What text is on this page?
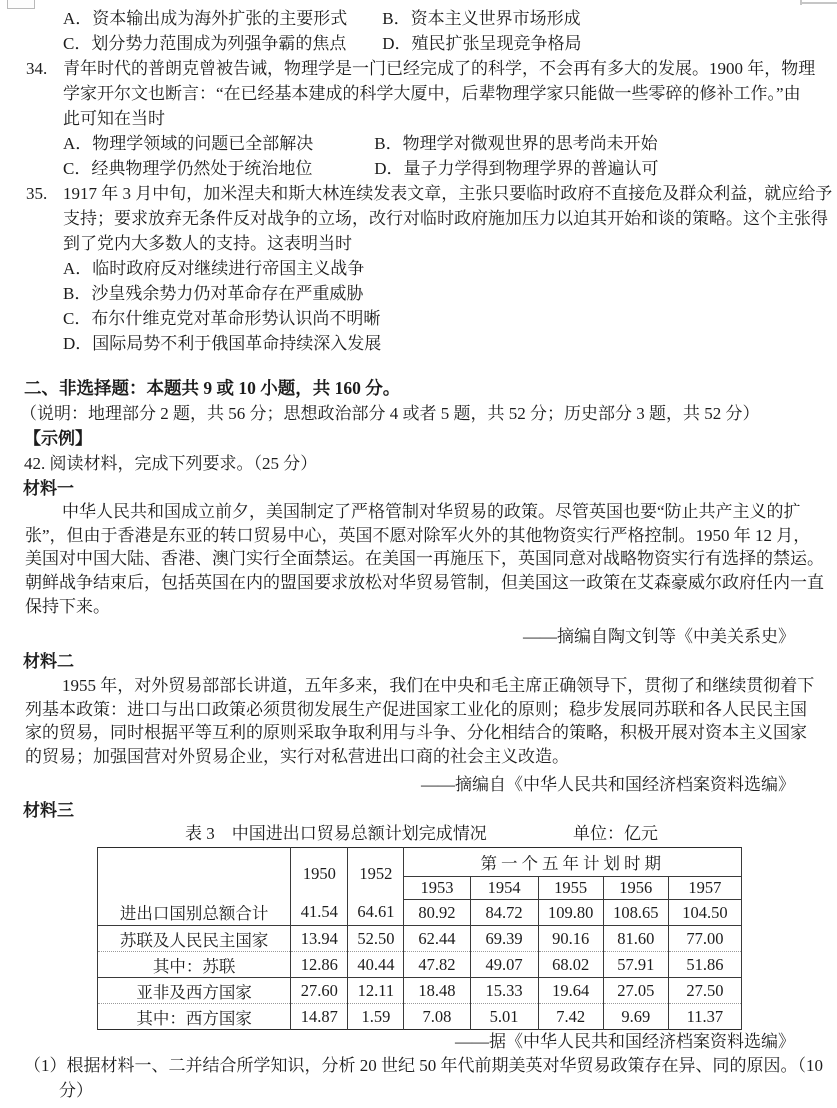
A．资本输出成为海外扩张的主要形式 B．资本主义世界市场形成
C．划分势力范围成为列强争霸的焦点 D．殖民扩张呈现竞争格局
34. 青年时代的普朗克曾被告诫，物理学是一门已经完成了的科学，不会再有多大的发展。1900 年，物理
学家开尔文也断言：“在已经基本建成的科学大厦中，后辈物理学家只能做一些零碎的修补工作。”由
此可知在当时
A．物理学领域的问题已全部解决	B．物理学对微观世界的思考尚未开始
C．经典物理学仍然处于统治地位	D．量子力学得到物理学界的普遍认可
35. 1917 年 3 月中旬，加米涅夫和斯大林连续发表文章，主张只要临时政府不直接危及群众利益，就应给予
支持；要求放弃无条件反对战争的立场，改行对临时政府施加压力以迫其开始和谈的策略。这个主张得
到了党内大多数人的支持。这表明当时
A．临时政府反对继续进行帝国主义战争
B．沙皇残余势力仍对革命存在严重威胁
C．布尔什维克党对革命形势认识尚不明晰
D．国际局势不利于俄国革命持续深入发展
二、非选择题：本题共 9 或 10 小题，共 160 分。
（说明：地理部分 2 题，共 56 分；思想政治部分 4 或者 5 题，共 52 分；历史部分 3 题，共 52 分）
【示例】
42. 阅读材料，完成下列要求。（25 分）
材料一
中华人民共和国成立前夕，美国制定了严格管制对华贸易的政策。尽管英国也要“防止共产主义的扩
张”，但由于香港是东亚的转口贸易中心，英国不愿对除军火外的其他物资实行严格控制。1950 年 12 月，
美国对中国大陆、香港、澳门实行全面禁运。在美国一再施压下，英国同意对战略物资实行有选择的禁运。
朝鲜战争结束后，包括英国在内的盟国要求放松对华贸易管制，但美国这一政策在艾森豪威尔政府任内一直
保持下来。
——摘编自陶文钊等《中美关系史》
材料二
1955 年，对外贸易部部长讲道，五年多来，我们在中央和毛主席正确领导下，贯彻了和继续贯彻着下
列基本政策：进口与出口政策必须贯彻发展生产促进国家工业化的原则；稳步发展同苏联和各人民民主国
家的贸易，同时根据平等互利的原则采取争取利用与斗争、分化相结合的策略，积极开展对资本主义国家
的贸易；加强国营对外贸易企业，实行对私营进出口商的社会主义改造。
——摘编自《中华人民共和国经济档案资料选编》
材料三
表 3　中国进出口贸易总额计划完成情况	单位：亿元
	1950	1952	第一个五年计划时期				
			1953	1954	1955	1956	1957
进出口国别总额合计	41.54	64.61	80.92	84.72	109.80	108.65	104.50
苏联及人民民主国家	13.94	52.50	62.44	69.39	90.16	81.60	77.00
其中：苏联	12.86	40.44	47.82	49.07	68.02	57.91	51.86
亚非及西方国家	27.60	12.11	18.48	15.33	19.64	27.05	27.50
其中：西方国家	14.87	1.59	7.08	5.01	7.42	9.69	11.37
——据《中华人民共和国经济档案资料选编》
（1）根据材料一、二并结合所学知识，分析 20 世纪 50 年代前期美英对华贸易政策存在异、同的原因。（10
分）
